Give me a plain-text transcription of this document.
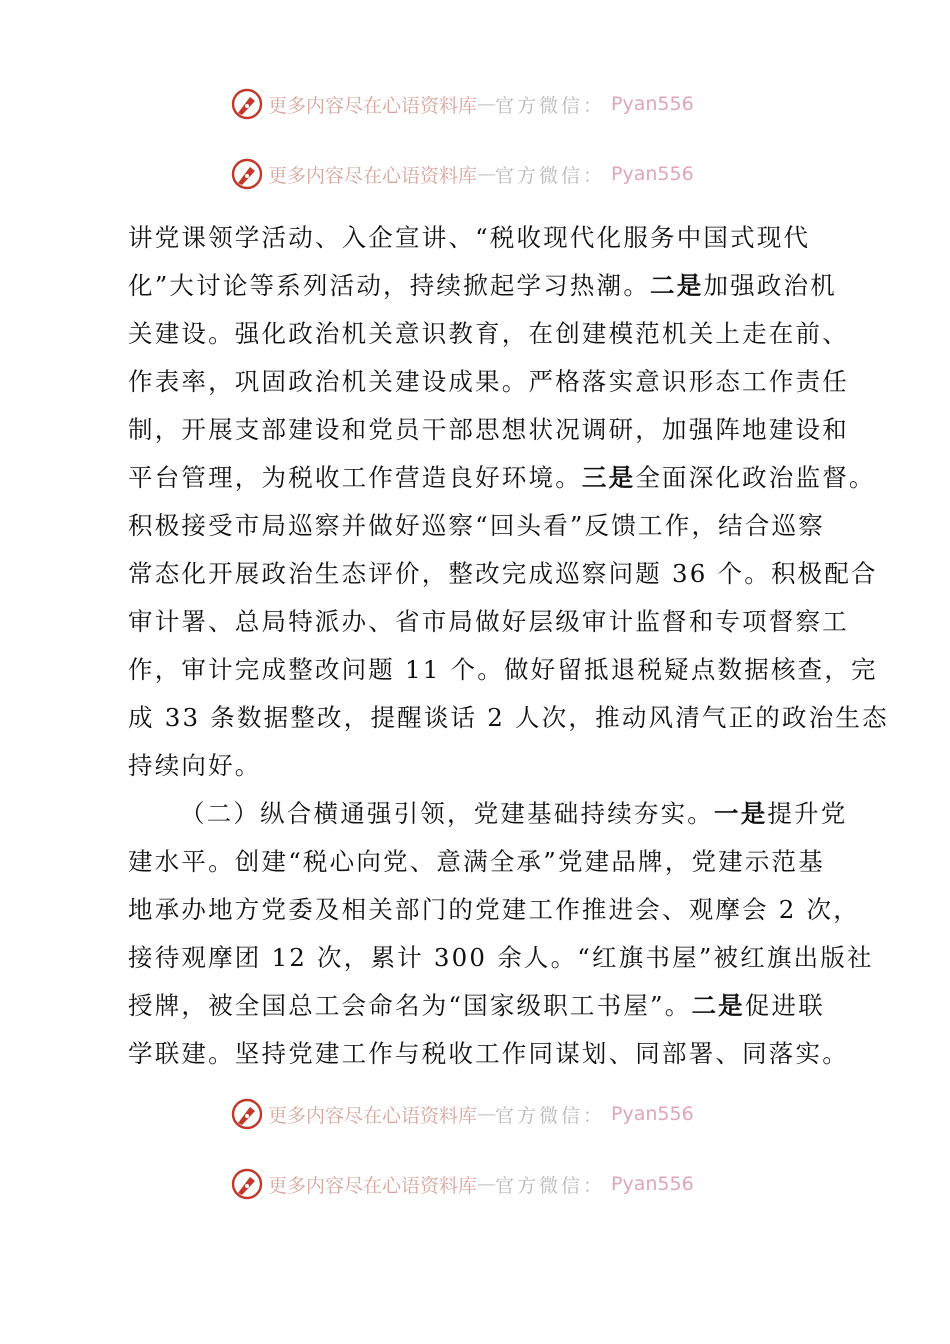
更多内容尽在心语资料库 — 官方微信： Pyan556
更多内容尽在心语资料库 — 官方微信： Pyan556
讲党课领学活动、入企宣讲、“税收现代化服务中国式现代
化”大讨论等系列活动，持续掀起学习热潮。二是加强政治机
关建设。强化政治机关意识教育，在创建模范机关上走在前、
作表率，巩固政治机关建设成果。严格落实意识形态工作责任
制，开展支部建设和党员干部思想状况调研，加强阵地建设和
平台管理，为税收工作营造良好环境。三是全面深化政治监督。
积极接受市局巡察并做好巡察“回头看”反馈工作，结合巡察
常态化开展政治生态评价，整改完成巡察问题 36 个。积极配合
审计署、总局特派办、省市局做好层级审计监督和专项督察工
作，审计完成整改问题 11 个。做好留抵退税疑点数据核查，完
成 33 条数据整改，提醒谈话 2 人次，推动风清气正的政治生态
持续向好。
（二）纵合横通强引领，党建基础持续夯实。一是提升党
建水平。创建“税心向党、意满全承”党建品牌，党建示范基
地承办地方党委及相关部门的党建工作推进会、观摩会 2 次，
接待观摩团 12 次，累计 300 余人。“红旗书屋”被红旗出版社
授牌，被全国总工会命名为“国家级职工书屋”。二是促进联
学联建。坚持党建工作与税收工作同谋划、同部署、同落实。
更多内容尽在心语资料库 — 官方微信： Pyan556
更多内容尽在心语资料库 — 官方微信： Pyan556
